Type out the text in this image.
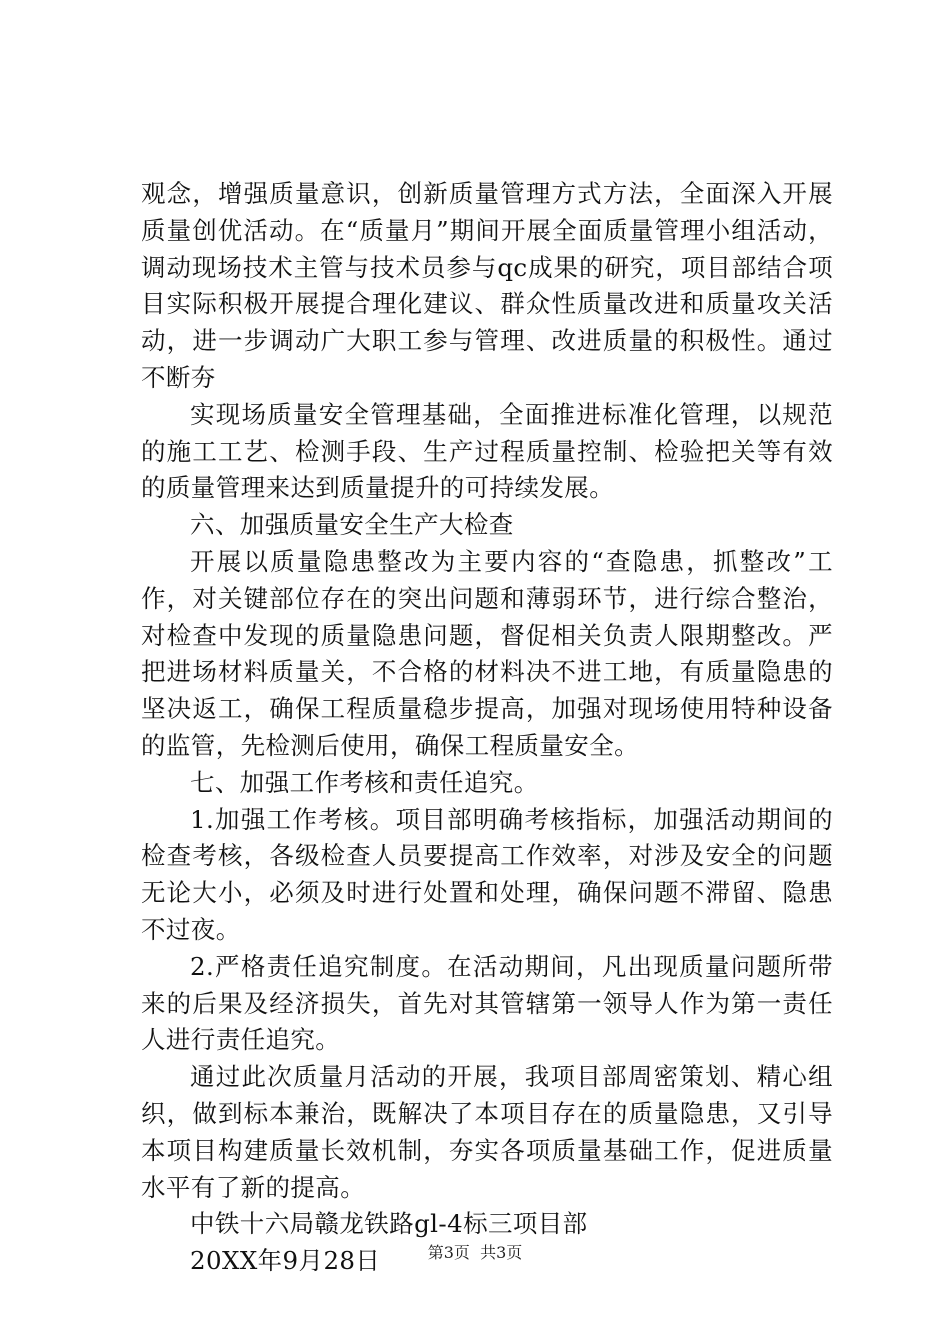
观念，增强质量意识，创新质量管理方式方法，全面深入开展质量创优活动。在“质量月”期间开展全面质量管理小组活动，调动现场技术主管与技术员参与qc成果的研究，项目部结合项目实际积极开展提合理化建议、群众性质量改进和质量攻关活动，进一步调动广大职工参与管理、改进质量的积极性。通过不断夯

实现场质量安全管理基础，全面推进标准化管理，以规范的施工工艺、检测手段、生产过程质量控制、检验把关等有效的质量管理来达到质量提升的可持续发展。

六、加强质量安全生产大检查

开展以质量隐患整改为主要内容的“查隐患，抓整改”工作，对关键部位存在的突出问题和薄弱环节，进行综合整治，对检查中发现的质量隐患问题，督促相关负责人限期整改。严把进场材料质量关，不合格的材料决不进工地，有质量隐患的坚决返工，确保工程质量稳步提高，加强对现场使用特种设备的监管，先检测后使用，确保工程质量安全。

七、加强工作考核和责任追究。

1.加强工作考核。项目部明确考核指标，加强活动期间的检查考核，各级检查人员要提高工作效率，对涉及安全的问题无论大小，必须及时进行处置和处理，确保问题不滞留、隐患不过夜。

2.严格责任追究制度。在活动期间，凡出现质量问题所带来的后果及经济损失，首先对其管辖第一领导人作为第一责任人进行责任追究。

通过此次质量月活动的开展，我项目部周密策划、精心组织，做到标本兼治，既解决了本项目存在的质量隐患，又引导本项目构建质量长效机制，夯实各项质量基础工作，促进质量水平有了新的提高。

中铁十六局赣龙铁路gl-4标三项目部

20XX年9月28日	第3页 共3页
